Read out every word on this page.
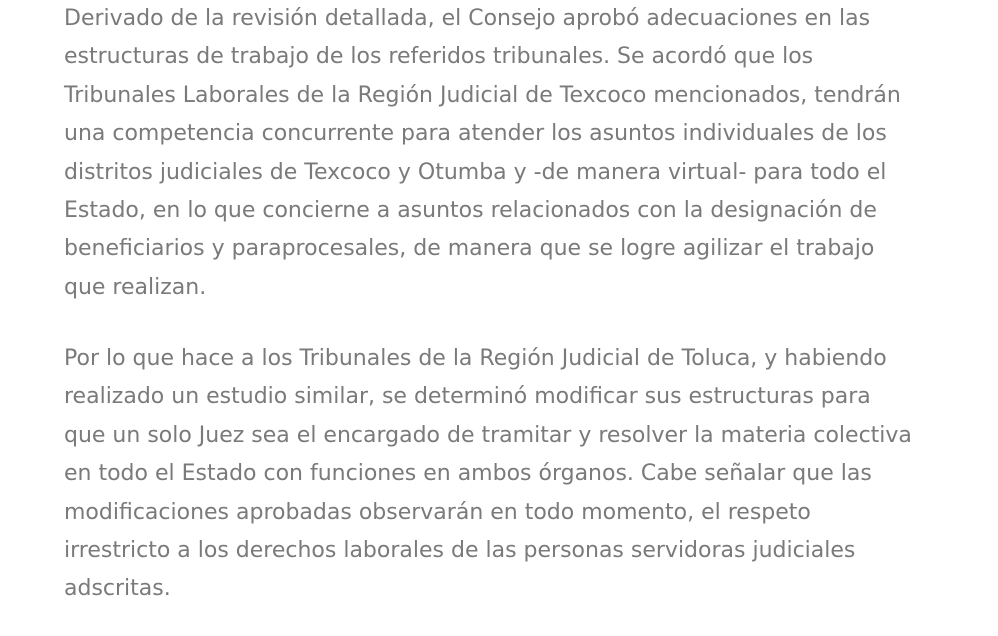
Derivado de la revisión detallada, el Consejo aprobó adecuaciones en las
estructuras de trabajo de los referidos tribunales. Se acordó que los
Tribunales Laborales de la Región Judicial de Texcoco mencionados, tendrán
una competencia concurrente para atender los asuntos individuales de los
distritos judiciales de Texcoco y Otumba y -de manera virtual- para todo el
Estado, en lo que concierne a asuntos relacionados con la designación de
beneficiarios y paraprocesales, de manera que se logre agilizar el trabajo
que realizan.

Por lo que hace a los Tribunales de la Región Judicial de Toluca, y habiendo
realizado un estudio similar, se determinó modificar sus estructuras para
que un solo Juez sea el encargado de tramitar y resolver la materia colectiva
en todo el Estado con funciones en ambos órganos. Cabe señalar que las
modificaciones aprobadas observarán en todo momento, el respeto
irrestricto a los derechos laborales de las personas servidoras judiciales
adscritas.
